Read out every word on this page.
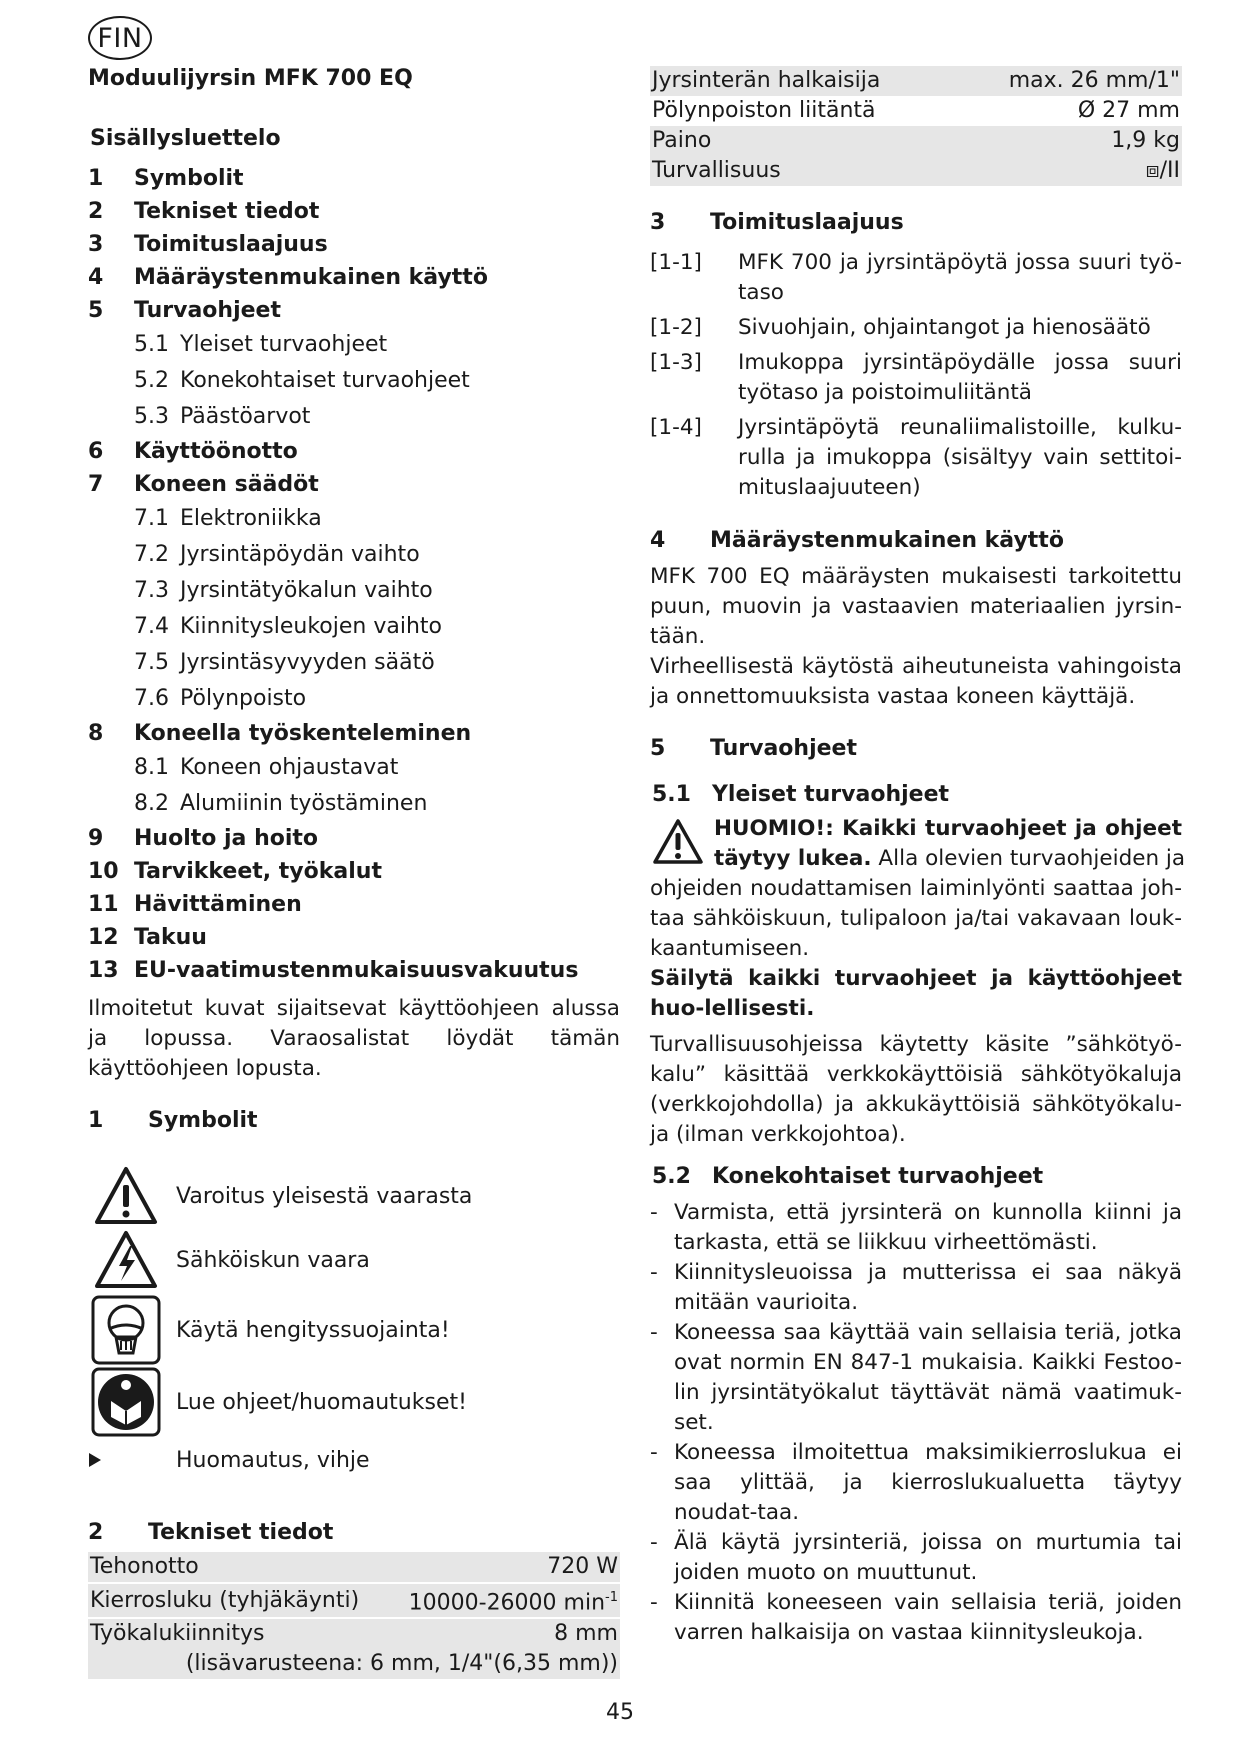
FIN
Moduulijyrsin MFK 700 EQ
Sisällysluettelo
1	Symbolit
2	Tekniset tiedot
3	Toimituslaajuus
4	Määräystenmukainen käyttö
5	Turvaohjeet
5.1 Yleiset turvaohjeet
5.2 Konekohtaiset turvaohjeet
5.3 Päästöarvot
6	Käyttöönotto
7	Koneen säädöt
7.1 Elektroniikka
7.2 Jyrsintäpöydän vaihto
7.3 Jyrsintätyökalun vaihto
7.4 Kiinnitysleukojen vaihto
7.5 Jyrsintäsyvyyden säätö
7.6 Pölynpoisto
8	Koneella työskenteleminen
8.1 Koneen ohjaustavat
8.2 Alumiinin työstäminen
9	Huolto ja hoito
10 Tarvikkeet, työkalut
11 Hävittäminen
12 Takuu
13 EU-vaatimustenmukaisuusvakuutus
Ilmoitetut kuvat sijaitsevat käyttöohjeen alussa ja lopussa. Varaosalistat löydät tämän käyttöohjeen lopusta.
1	Symbolit
Varoitus yleisestä vaarasta
Sähköiskun vaara
Käytä hengityssuojainta!
Lue ohjeet/huomautukset!
Huomautus, vihje
2	Tekniset tiedot
Tehonotto	720 W

Kierrosluku (tyhjäkäynti)	10000-26000 $\min^{-1}$

Työkalukiinnitys	8 mm
(lisävarusteena: 6 mm, 1/4"(6,35 mm))	
Jyrsinterän halkaisija	max. 26 mm/1"
Pölynpoiston liitäntä	Ø 27 mm
Paino	1,9 kg
Turvallisuus	⧈/II
3	Toimituslaajuus
[1-1]	MFK 700 ja jyrsintäpöytä jossa suuri työ-taso
[1-2]	Sivuohjain, ohjaintangot ja hienosäätö
[1-3]	Imukoppa jyrsintäpöydälle jossa suuri työtaso ja poistoimuliitäntä
[1-4]	Jyrsintäpöytä reunaliimalistoille, kulku-rulla ja imukoppa (sisältyy vain settitoi-mituslaajuuteen)
4	Määräystenmukainen käyttö
MFK 700 EQ määräysten mukaisesti tarkoitettu puun, muovin ja vastaavien materiaalien jyrsin-tään.
Virheellisestä käytöstä aiheutuneista vahingoista ja onnettomuuksista vastaa koneen käyttäjä.
5	Turvaohjeet
5.1 Yleiset turvaohjeet
HUOMIO!: Kaikki turvaohjeet ja ohjeet
täytyy lukea. Alla olevien turvaohjeiden ja
ohjeiden noudattamisen laiminlyönti saattaa joh-taa sähköiskuun, tulipaloon ja/tai vakavaan louk-kaantumiseen.
Säilytä kaikki turvaohjeet ja käyttöohjeet huo-lellisesti.
Turvallisuusohjeissa käytetty käsite ”sähkötyö-kalu” käsittää verkkokäyttöisiä sähkötyökaluja (verkkojohdolla) ja akkukäyttöisiä sähkötyökalu-ja (ilman verkkojohtoa).
5.2 Konekohtaiset turvaohjeet
- Varmista, että jyrsinterä on kunnolla kiinni ja tarkasta, että se liikkuu virheettömästi.
- Kiinnitysleuoissa ja mutterissa ei saa näkyä mitään vaurioita.
- Koneessa saa käyttää vain sellaisia teriä, jotka ovat normin EN 847-1 mukaisia. Kaikki Festoo-lin jyrsintätyökalut täyttävät nämä vaatimuk-set.
- Koneessa ilmoitettua maksimikierroslukua ei saa ylittää, ja kierroslukualuetta täytyy noudat-taa.
- Älä käytä jyrsinteriä, joissa on murtumia tai joiden muoto on muuttunut.
- Kiinnitä koneeseen vain sellaisia teriä, joiden varren halkaisija on vastaa kiinnitysleukoja.
45
